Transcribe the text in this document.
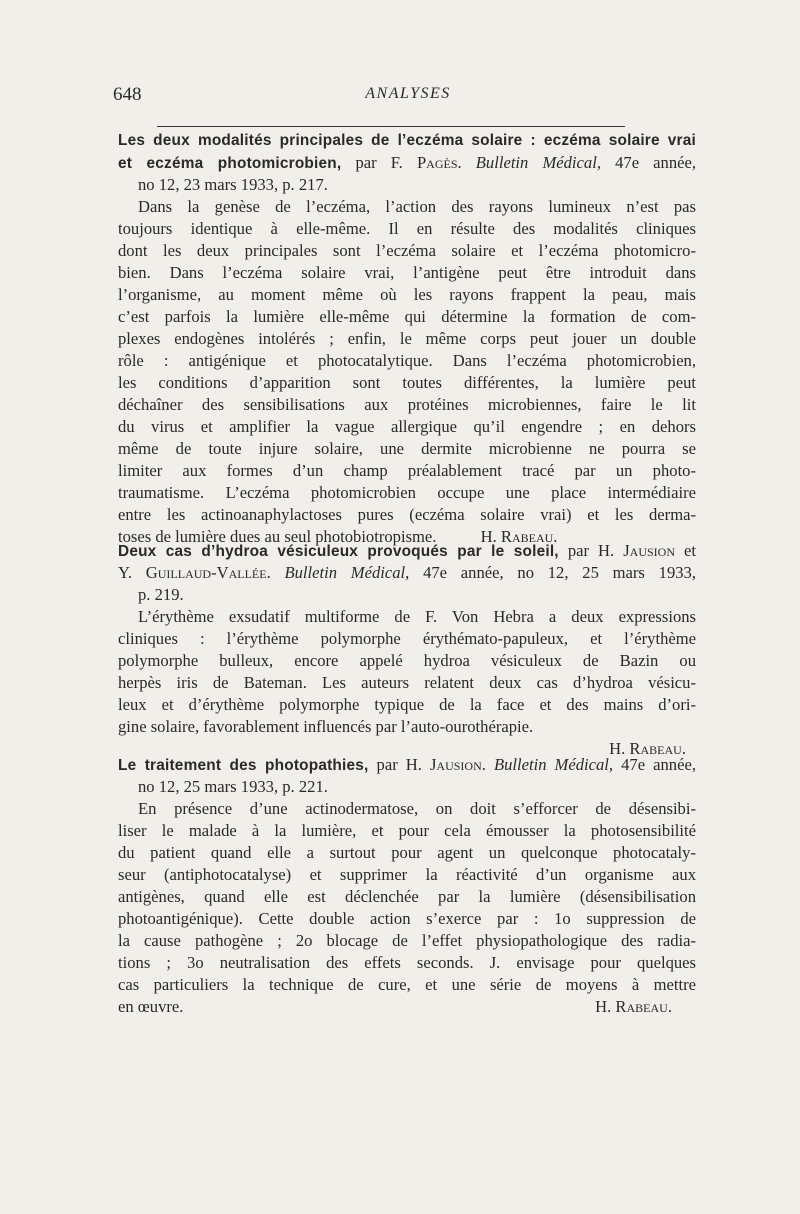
648	ANALYSES
Les deux modalités principales de l’eczéma solaire : eczéma solaire vrai
et eczéma photomicrobien, par F. Pagès. Bulletin Médical, 47e année,
no 12, 23 mars 1933, p. 217.
Dans la genèse de l’eczéma, l’action des rayons lumineux n’est pas
toujours identique à elle-même. Il en résulte des modalités cliniques
dont les deux principales sont l’eczéma solaire et l’eczéma photomicro-
bien. Dans l’eczéma solaire vrai, l’antigène peut être introduit dans
l’organisme, au moment même où les rayons frappent la peau, mais
c’est parfois la lumière elle-même qui détermine la formation de com-
plexes endogènes intolérés ; enfin, le même corps peut jouer un double
rôle : antigénique et photocatalytique. Dans l’eczéma photomicrobien,
les conditions d’apparition sont toutes différentes, la lumière peut
déchaîner des sensibilisations aux protéines microbiennes, faire le lit
du virus et amplifier la vague allergique qu’il engendre ; en dehors
même de toute injure solaire, une dermite microbienne ne pourra se
limiter aux formes d’un champ préalablement tracé par un photo-
traumatisme. L’eczéma photomicrobien occupe une place intermédiaire
entre les actinoanaphylactoses pures (eczéma solaire vrai) et les derma-
toses de lumière dues au seul photobiotropisme.	H. Rabeau.
Deux cas d’hydroa vésiculeux provoqués par le soleil, par H. Jausion et
Y. Guillaud-Vallée. Bulletin Médical, 47e année, no 12, 25 mars 1933,
p. 219.
L’érythème exsudatif multiforme de F. Von Hebra a deux expressions
cliniques : l’érythème polymorphe érythémato-papuleux, et l’érythème
polymorphe bulleux, encore appelé hydroa vésiculeux de Bazin ou
herpès iris de Bateman. Les auteurs relatent deux cas d’hydroa vésicu-
leux et d’érythème polymorphe typique de la face et des mains d’ori-
gine solaire, favorablement influencés par l’auto-ourothérapie.
H. Rabeau.
Le traitement des photopathies, par H. Jausion. Bulletin Médical, 47e année,
no 12, 25 mars 1933, p. 221.
En présence d’une actinodermatose, on doit s’efforcer de désensibi-
liser le malade à la lumière, et pour cela émousser la photosensibilité
du patient quand elle a surtout pour agent un quelconque photocataly-
seur (antiphotocatalyse) et supprimer la réactivité d’un organisme aux
antigènes, quand elle est déclenchée par la lumière (désensibilisation
photoantigénique). Cette double action s’exerce par : 1o suppression de
la cause pathogène ; 2o blocage de l’effet physiopathologique des radia-
tions ; 3o neutralisation des effets seconds. J. envisage pour quelques
cas particuliers la technique de cure, et une série de moyens à mettre
en œuvre.	H. Rabeau.
